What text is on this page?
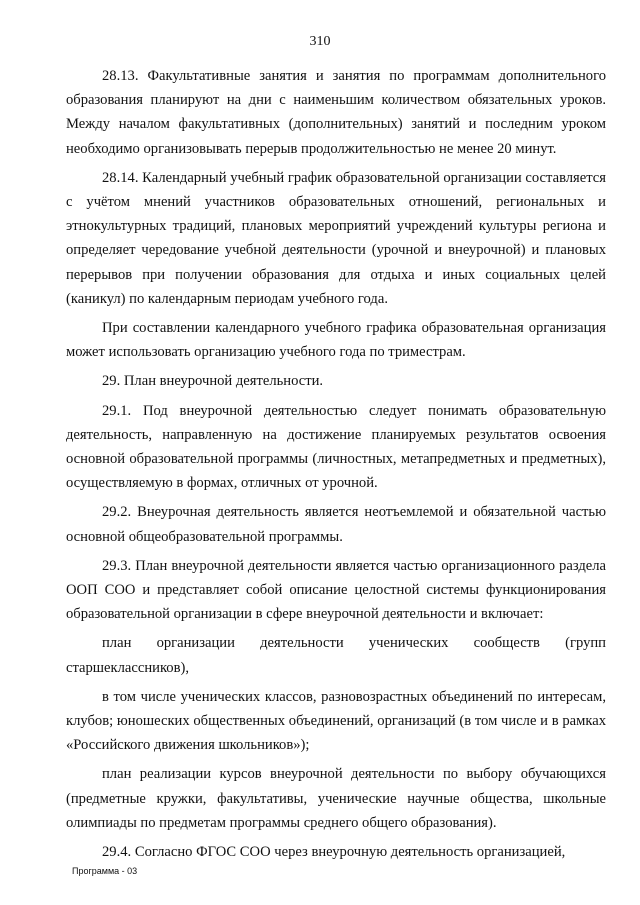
310

28.13. Факультативные занятия и занятия по программам дополнительного образования планируют на дни с наименьшим количеством обязательных уроков. Между началом факультативных (дополнительных) занятий и последним уроком необходимо организовывать перерыв продолжительностью не менее 20 минут.

28.14. Календарный учебный график образовательной организации составляется с учётом мнений участников образовательных отношений, региональных и этнокультурных традиций, плановых мероприятий учреждений культуры региона и определяет чередование учебной деятельности (урочной и внеурочной) и плановых перерывов при получении образования для отдыха и иных социальных целей (каникул) по календарным периодам учебного года.

При составлении календарного учебного графика образовательная организация может использовать организацию учебного года по триместрам.

29. План внеурочной деятельности.

29.1. Под внеурочной деятельностью следует понимать образовательную деятельность, направленную на достижение планируемых результатов освоения основной образовательной программы (личностных, метапредметных и предметных), осуществляемую в формах, отличных от урочной.

29.2. Внеурочная деятельность является неотъемлемой и обязательной частью основной общеобразовательной программы.

29.3. План внеурочной деятельности является частью организационного раздела ООП СОО и представляет собой описание целостной системы функционирования образовательной организации в сфере внеурочной деятельности и включает:

план организации деятельности ученических сообществ (групп старшеклассников),

в том числе ученических классов, разновозрастных объединений по интересам, клубов; юношеских общественных объединений, организаций (в том числе и в рамках «Российского движения школьников»);

план реализации курсов внеурочной деятельности по выбору обучающихся (предметные кружки, факультативы, ученические научные общества, школьные олимпиады по предметам программы среднего общего образования).

29.4. Согласно ФГОС СОО через внеурочную деятельность организацией,

Программа - 03
